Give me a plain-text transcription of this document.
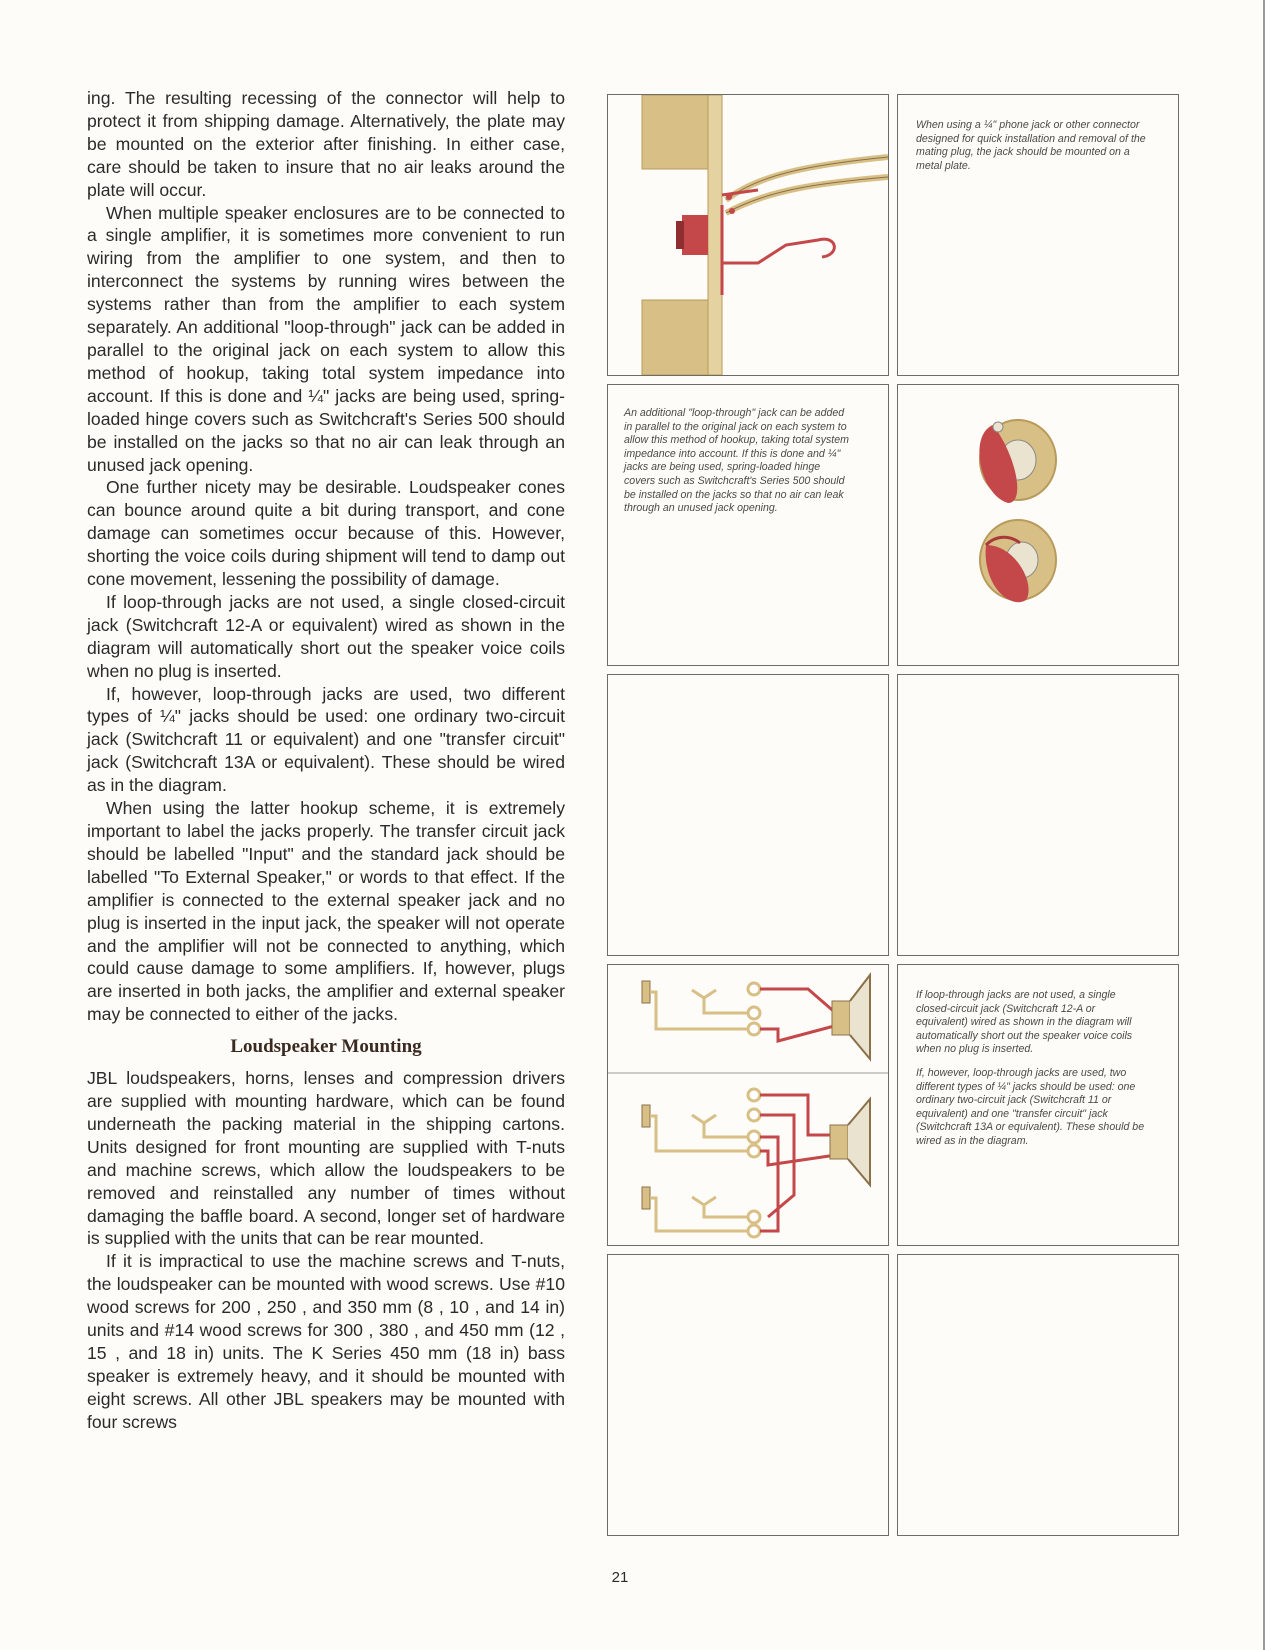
ing. The resulting recessing of the connector will help to protect it from shipping damage. Alternatively, the plate may be mounted on the exterior after finishing. In either case, care should be taken to insure that no air leaks around the plate will occur.

When multiple speaker enclosures are to be connected to a single amplifier, it is sometimes more convenient to run wiring from the amplifier to one system, and then to interconnect the systems by running wires between the systems rather than from the amplifier to each system separately. An additional "loop-through" jack can be added in parallel to the original jack on each system to allow this method of hookup, taking total system impedance into account. If this is done and ¼" jacks are being used, spring-loaded hinge covers such as Switchcraft's Series 500 should be installed on the jacks so that no air can leak through an unused jack opening.

One further nicety may be desirable. Loudspeaker cones can bounce around quite a bit during transport, and cone damage can sometimes occur because of this. However, shorting the voice coils during shipment will tend to damp out cone movement, lessening the possibility of damage.

If loop-through jacks are not used, a single closed-circuit jack (Switchcraft 12-A or equivalent) wired as shown in the diagram will automatically short out the speaker voice coils when no plug is inserted.

If, however, loop-through jacks are used, two different types of ¼" jacks should be used: one ordinary two-circuit jack (Switchcraft 11 or equivalent) and one "transfer circuit" jack (Switchcraft 13A or equivalent). These should be wired as in the diagram.

When using the latter hookup scheme, it is extremely important to label the jacks properly. The transfer circuit jack should be labelled "Input" and the standard jack should be labelled "To External Speaker," or words to that effect. If the amplifier is connected to the external speaker jack and no plug is inserted in the input jack, the speaker will not operate and the amplifier will not be connected to anything, which could cause damage to some amplifiers. If, however, plugs are inserted in both jacks, the amplifier and external speaker may be connected to either of the jacks.

Loudspeaker Mounting

JBL loudspeakers, horns, lenses and compression drivers are supplied with mounting hardware, which can be found underneath the packing material in the shipping cartons. Units designed for front mounting are supplied with T-nuts and machine screws, which allow the loudspeakers to be removed and reinstalled any number of times without damaging the baffle board. A second, longer set of hardware is supplied with the units that can be rear mounted.

If it is impractical to use the machine screws and T-nuts, the loudspeaker can be mounted with wood screws. Use #10 wood screws for 200 , 250 , and 350 mm (8 , 10 , and 14 in) units and #14 wood screws for 300 , 380 , and 450 mm (12 , 15 , and 18 in) units. The K Series 450 mm (18 in) bass speaker is extremely heavy, and it should be mounted with eight screws. All other JBL speakers may be mounted with four screws

When using a ¼" phone jack or other connector designed for quick installation and removal of the mating plug, the jack should be mounted on a metal plate.

An additional "loop-through" jack can be added in parallel to the original jack on each system to allow this method of hookup, taking total system impedance into account. If this is done and ¼" jacks are being used, spring-loaded hinge covers such as Switchcraft's Series 500 should be installed on the jacks so that no air can leak through an unused jack opening.

If loop-through jacks are not used, a single closed-circuit jack (Switchcraft 12-A or equivalent) wired as shown in the diagram will automatically short out the speaker voice coils when no plug is inserted.

If, however, loop-through jacks are used, two different types of ¼" jacks should be used: one ordinary two-circuit jack (Switchcraft 11 or equivalent) and one "transfer circuit" jack (Switchcraft 13A or equivalent). These should be wired as in the diagram.

21
